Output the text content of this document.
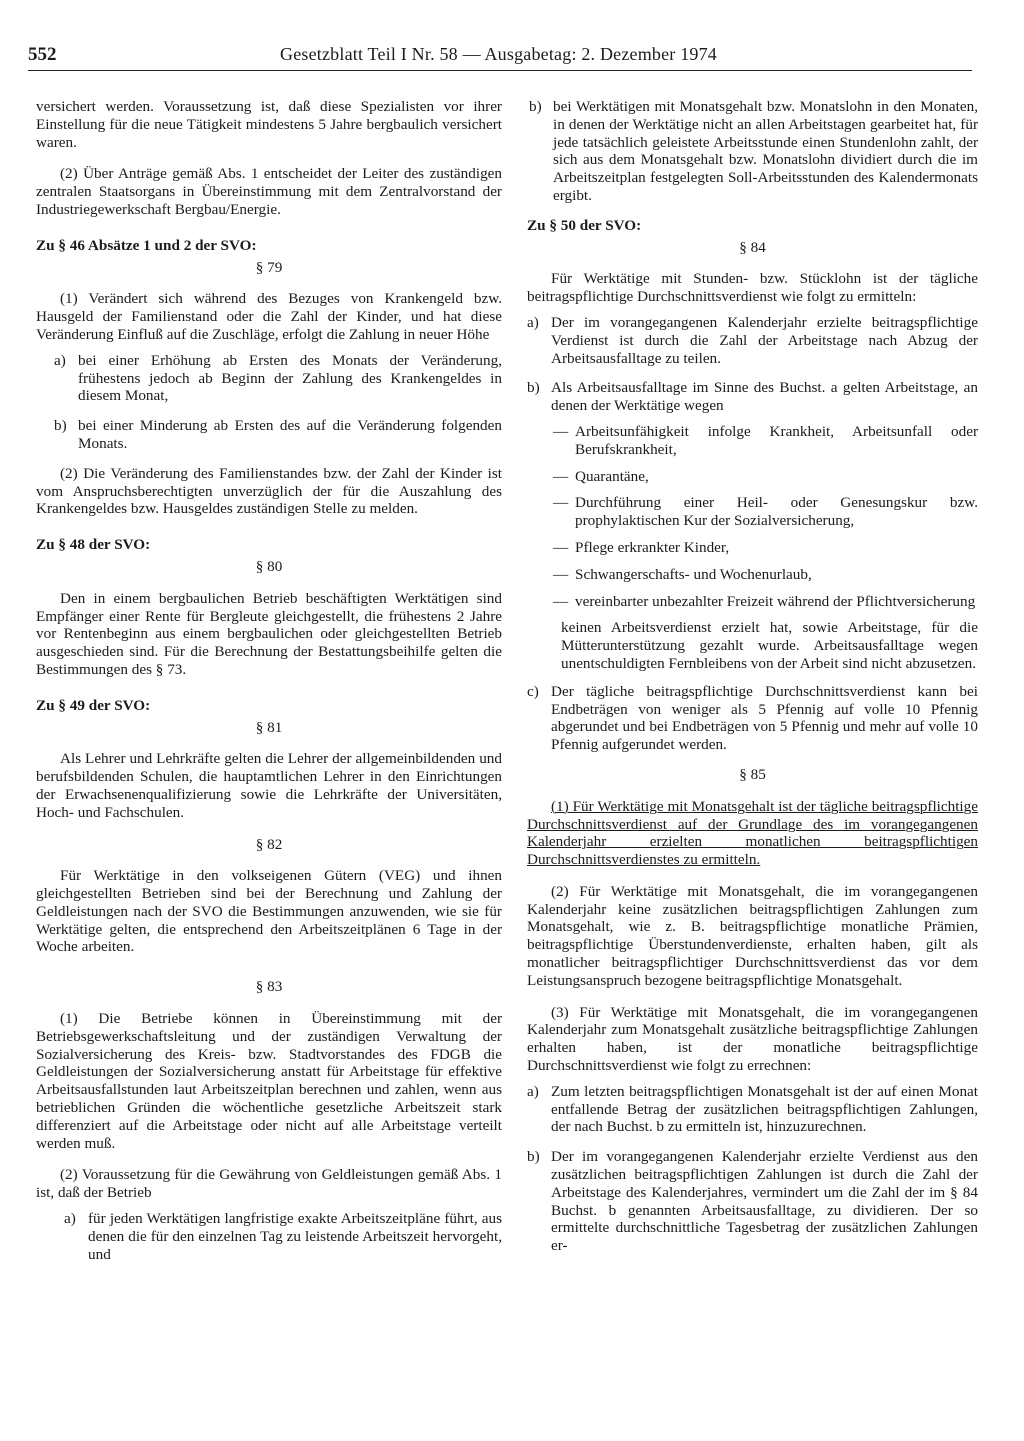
552	Gesetzblatt Teil I Nr. 58 — Ausgabetag: 2. Dezember 1974

versichert werden. Voraussetzung ist, daß diese Spezialisten vor ihrer Einstellung für die neue Tätigkeit mindestens 5 Jahre bergbaulich versichert waren.

(2) Über Anträge gemäß Abs. 1 entscheidet der Leiter des zuständigen zentralen Staatsorgans in Übereinstimmung mit dem Zentralvorstand der Industriegewerkschaft Bergbau/Energie.

Zu § 46 Absätze 1 und 2 der SVO:

§ 79

(1) Verändert sich während des Bezuges von Krankengeld bzw. Hausgeld der Familienstand oder die Zahl der Kinder, und hat diese Veränderung Einfluß auf die Zuschläge, erfolgt die Zahlung in neuer Höhe

a) bei einer Erhöhung ab Ersten des Monats der Veränderung, frühestens jedoch ab Beginn der Zahlung des Krankengeldes in diesem Monat,
b) bei einer Minderung ab Ersten des auf die Veränderung folgenden Monats.

(2) Die Veränderung des Familienstandes bzw. der Zahl der Kinder ist vom Anspruchsberechtigten unverzüglich der für die Auszahlung des Krankengeldes bzw. Hausgeldes zuständigen Stelle zu melden.

Zu § 48 der SVO:

§ 80

Den in einem bergbaulichen Betrieb beschäftigten Werktätigen sind Empfänger einer Rente für Bergleute gleichgestellt, die frühestens 2 Jahre vor Rentenbeginn aus einem bergbaulichen oder gleichgestellten Betrieb ausgeschieden sind. Für die Berechnung der Bestattungsbeihilfe gelten die Bestimmungen des § 73.

Zu § 49 der SVO:

§ 81

Als Lehrer und Lehrkräfte gelten die Lehrer der allgemeinbildenden und berufsbildenden Schulen, die hauptamtlichen Lehrer in den Einrichtungen der Erwachsenenqualifizierung sowie die Lehrkräfte der Universitäten, Hoch- und Fachschulen.

§ 82

Für Werktätige in den volkseigenen Gütern (VEG) und ihnen gleichgestellten Betrieben sind bei der Berechnung und Zahlung der Geldleistungen nach der SVO die Bestimmungen anzuwenden, wie sie für Werktätige gelten, die entsprechend den Arbeitszeitplänen 6 Tage in der Woche arbeiten.

§ 83

(1) Die Betriebe können in Übereinstimmung mit der Betriebsgewerkschaftsleitung und der zuständigen Verwaltung der Sozialversicherung des Kreis- bzw. Stadtvorstandes des FDGB die Geldleistungen der Sozialversicherung anstatt für Arbeitstage für effektive Arbeitsausfallstunden laut Arbeitszeitplan berechnen und zahlen, wenn aus betrieblichen Gründen die wöchentliche gesetzliche Arbeitszeit stark differenziert auf die Arbeitstage oder nicht auf alle Arbeitstage verteilt werden muß.

(2) Voraussetzung für die Gewährung von Geldleistungen gemäß Abs. 1 ist, daß der Betrieb

a) für jeden Werktätigen langfristige exakte Arbeitszeitpläne führt, aus denen die für den einzelnen Tag zu leistende Arbeitszeit hervorgeht, und
b) bei Werktätigen mit Monatsgehalt bzw. Monatslohn in den Monaten, in denen der Werktätige nicht an allen Arbeitstagen gearbeitet hat, für jede tatsächlich geleistete Arbeitsstunde einen Stundenlohn zahlt, der sich aus dem Monatsgehalt bzw. Monatslohn dividiert durch die im Arbeitszeitplan festgelegten Soll-Arbeitsstunden des Kalendermonats ergibt.

Zu § 50 der SVO:

§ 84

Für Werktätige mit Stunden- bzw. Stücklohn ist der tägliche beitragspflichtige Durchschnittsverdienst wie folgt zu ermitteln:

a) Der im vorangegangenen Kalenderjahr erzielte beitragspflichtige Verdienst ist durch die Zahl der Arbeitstage nach Abzug der Arbeitsausfalltage zu teilen.
b) Als Arbeitsausfalltage im Sinne des Buchst. a gelten Arbeitstage, an denen der Werktätige wegen
— Arbeitsunfähigkeit infolge Krankheit, Arbeitsunfall oder Berufskrankheit,
— Quarantäne,
— Durchführung einer Heil- oder Genesungskur bzw. prophylaktischen Kur der Sozialversicherung,
— Pflege erkrankter Kinder,
— Schwangerschafts- und Wochenurlaub,
— vereinbarter unbezahlter Freizeit während der Pflichtversicherung

keinen Arbeitsverdienst erzielt hat, sowie Arbeitstage, für die Mütterunterstützung gezahlt wurde. Arbeitsausfalltage wegen unentschuldigten Fernbleibens von der Arbeit sind nicht abzusetzen.

c) Der tägliche beitragspflichtige Durchschnittsverdienst kann bei Endbeträgen von weniger als 5 Pfennig auf volle 10 Pfennig abgerundet und bei Endbeträgen von 5 Pfennig und mehr auf volle 10 Pfennig aufgerundet werden.

§ 85

(1) Für Werktätige mit Monatsgehalt ist der tägliche beitragspflichtige Durchschnittsverdienst auf der Grundlage des im vorangegangenen Kalenderjahr erzielten monatlichen beitragspflichtigen Durchschnittsverdienstes zu ermitteln.

(2) Für Werktätige mit Monatsgehalt, die im vorangegangenen Kalenderjahr keine zusätzlichen beitragspflichtigen Zahlungen zum Monatsgehalt, wie z. B. beitragspflichtige monatliche Prämien, beitragspflichtige Überstundenverdienste, erhalten haben, gilt als monatlicher beitragspflichtiger Durchschnittsverdienst das vor dem Leistungsanspruch bezogene beitragspflichtige Monatsgehalt.

(3) Für Werktätige mit Monatsgehalt, die im vorangegangenen Kalenderjahr zum Monatsgehalt zusätzliche beitragspflichtige Zahlungen erhalten haben, ist der monatliche beitragspflichtige Durchschnittsverdienst wie folgt zu errechnen:

a) Zum letzten beitragspflichtigen Monatsgehalt ist der auf einen Monat entfallende Betrag der zusätzlichen beitragspflichtigen Zahlungen, der nach Buchst. b zu ermitteln ist, hinzuzurechnen.
b) Der im vorangegangenen Kalenderjahr erzielte Verdienst aus den zusätzlichen beitragspflichtigen Zahlungen ist durch die Zahl der Arbeitstage des Kalenderjahres, vermindert um die Zahl der im § 84 Buchst. b genannten Arbeitsausfalltage, zu dividieren. Der so ermittelte durchschnittliche Tagesbetrag der zusätzlichen Zahlungen er-
